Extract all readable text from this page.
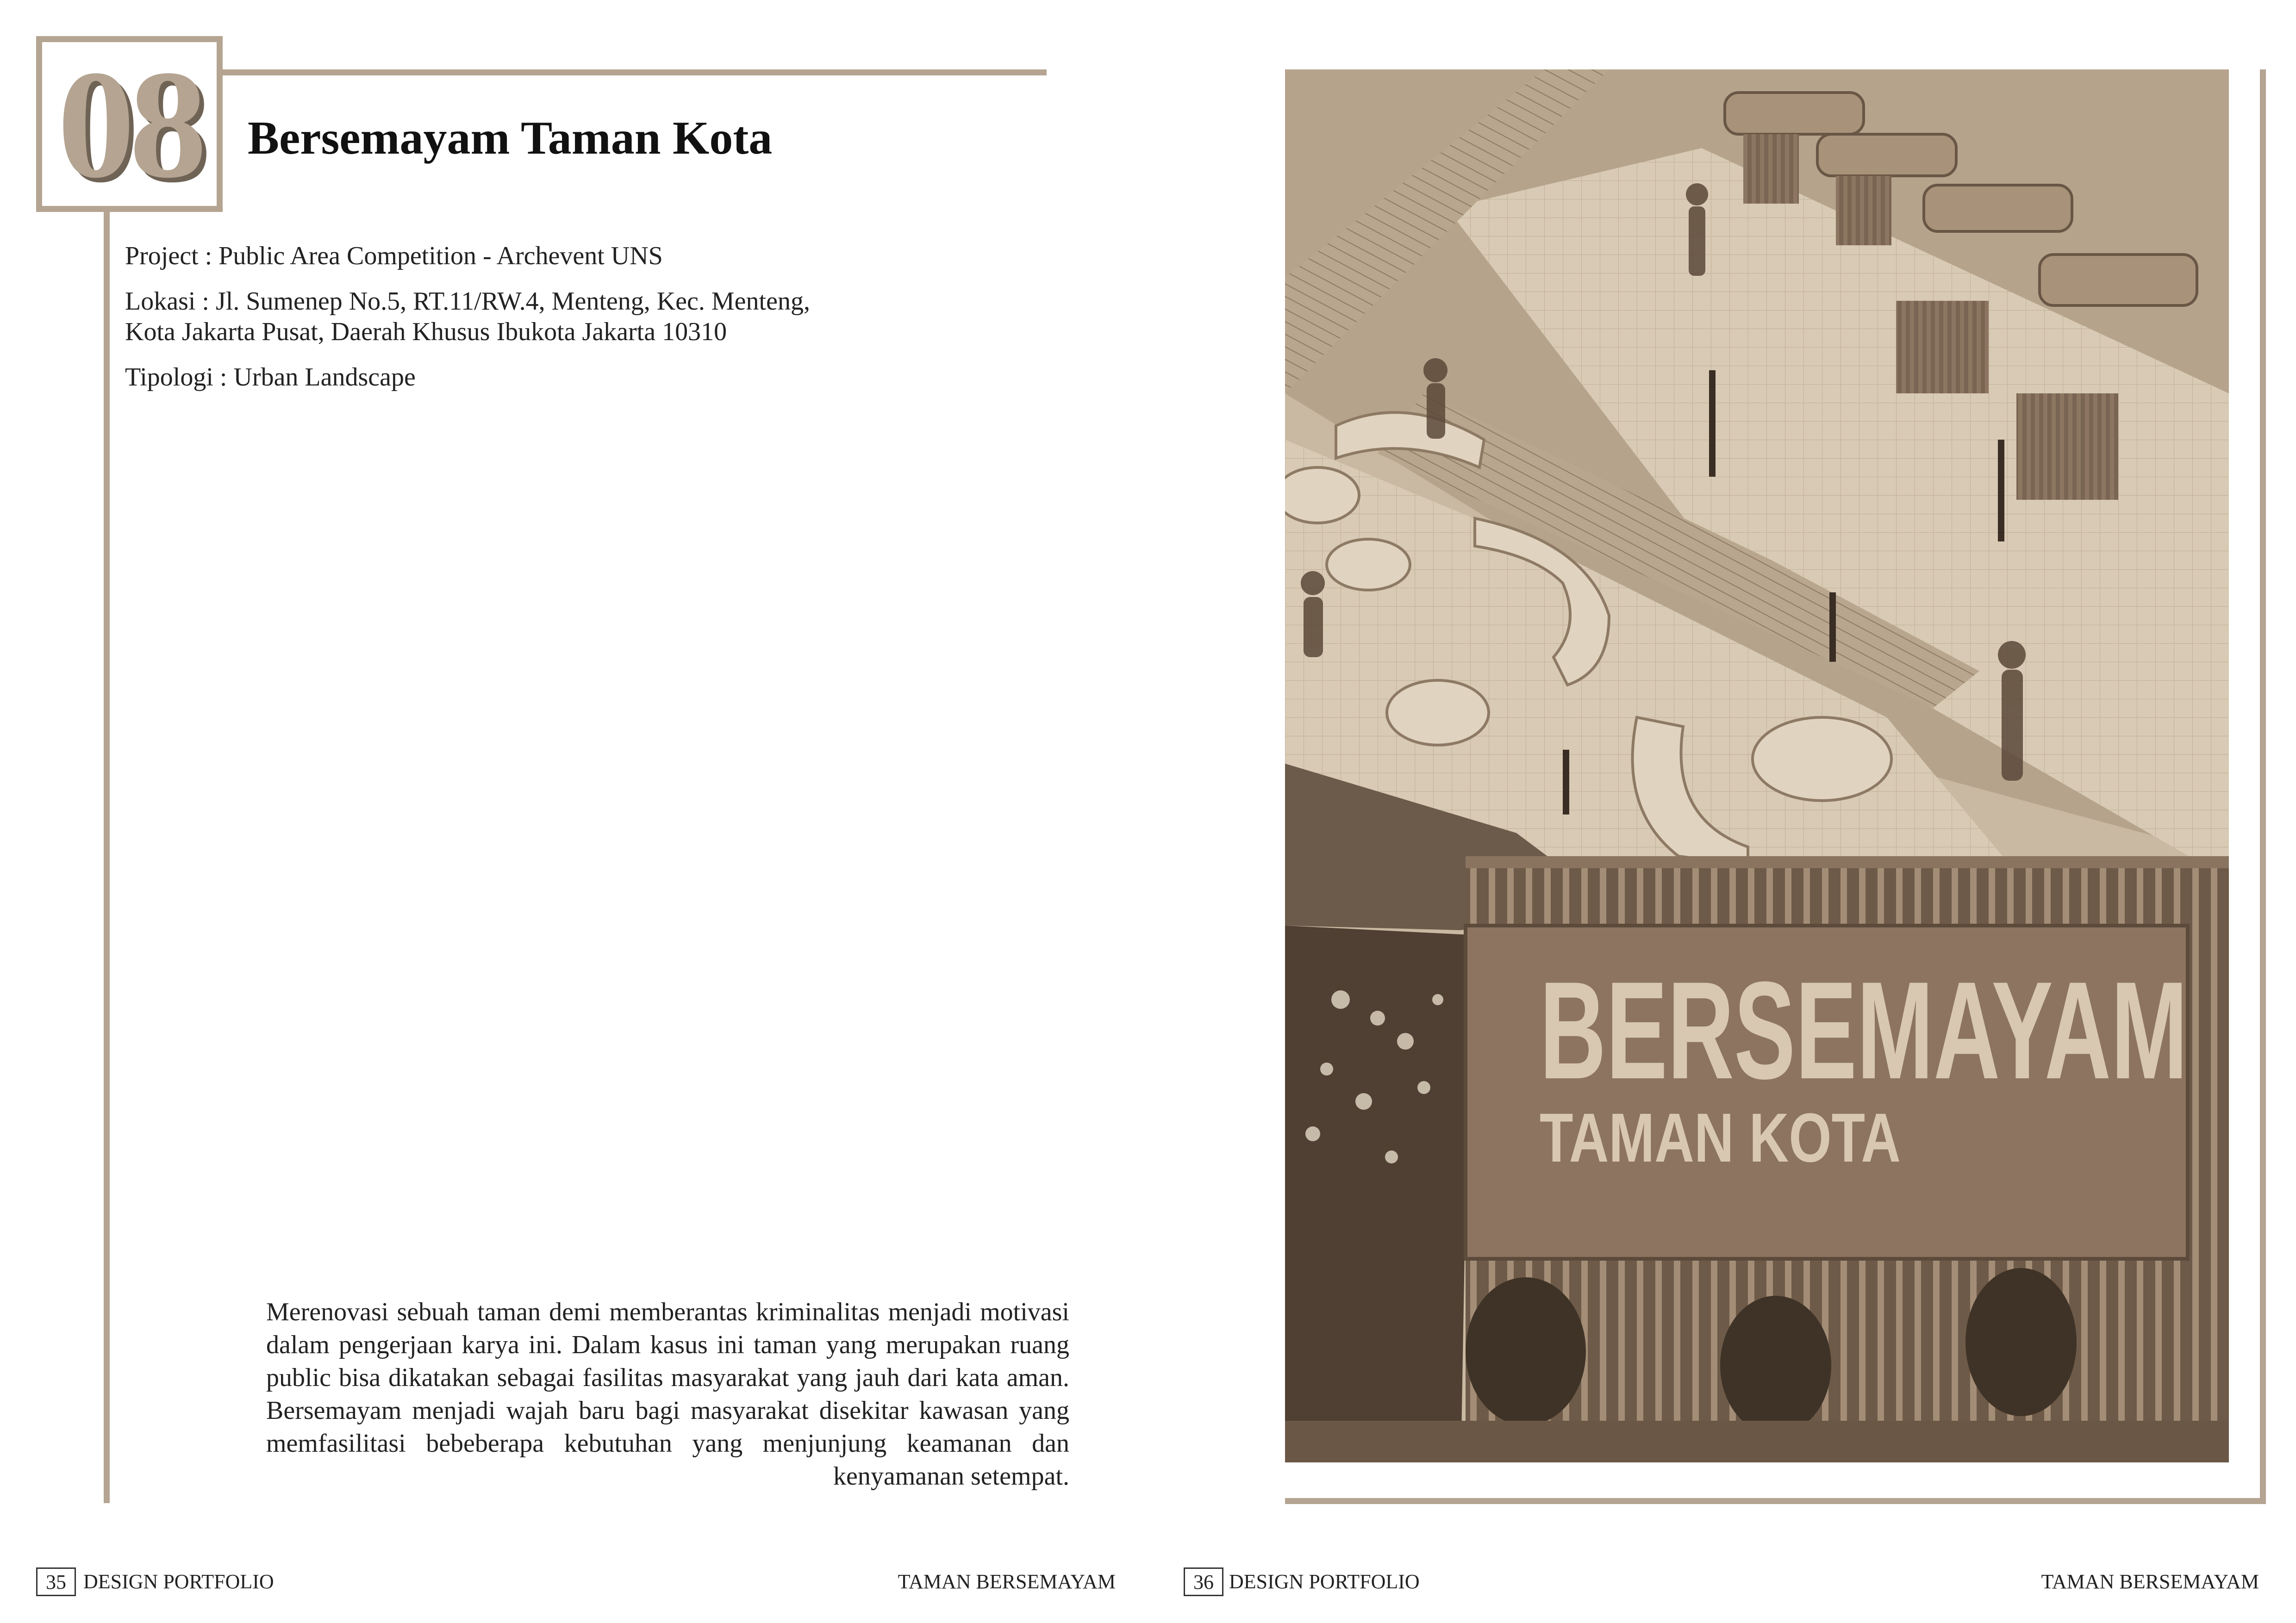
08 Bersemayam Taman Kota
Project : Public Area Competition - Archevent UNS
Lokasi : Jl. Sumenep No.5, RT.11/RW.4, Menteng, Kec. Menteng,
Kota Jakarta Pusat, Daerah Khusus Ibukota Jakarta 10310
Tipologi : Urban Landscape

Merenovasi sebuah taman demi memberantas kriminalitas menjadi motivasi dalam pengerjaan karya ini. Dalam kasus ini taman yang merupakan ruang public bisa dikatakan sebagai fasilitas masyarakat yang jauh dari kata aman. Bersemayam menjadi wajah baru bagi masyarakat disekitar kawasan yang memfasilitasi bebeberapa kebutuhan yang menjunjung keamanan dan kenyamanan setempat.

35 DESIGN PORTFOLIO	TAMAN BERSEMAYAM
BERSEMAYAM
TAMAN KOTA
36 DESIGN PORTFOLIO	TAMAN BERSEMAYAM
